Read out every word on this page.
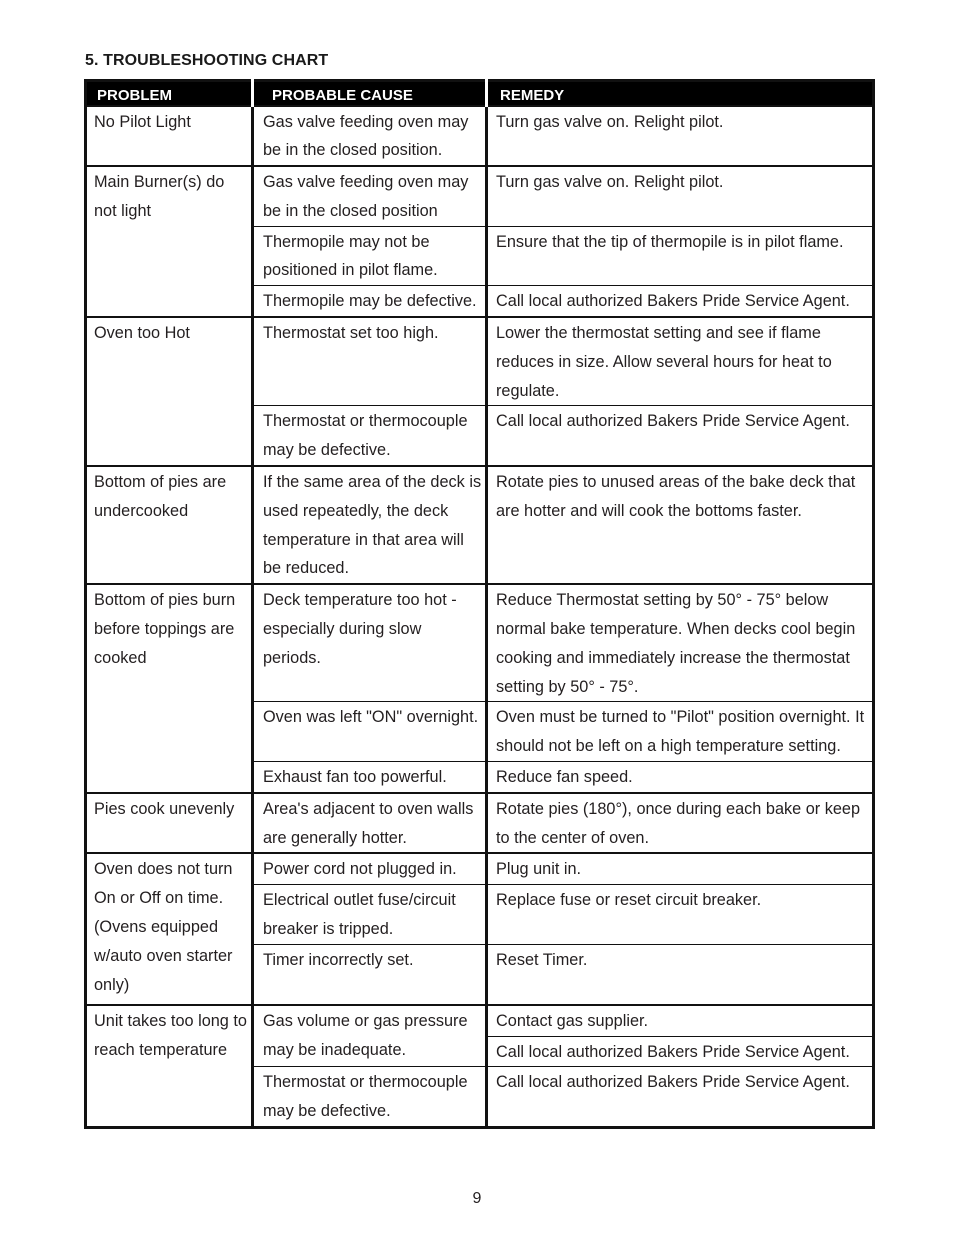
5. TROUBLESHOOTING CHART
PROBLEM	PROBABLE CAUSE	REMEDY
No Pilot Light	Gas valve feeding oven may be in the closed position.	Turn gas valve on. Relight pilot.
Main Burner(s) do not light	Gas valve feeding oven may be in the closed position	Turn gas valve on. Relight pilot.
	Thermopile may not be positioned in pilot flame.	Ensure that the tip of thermopile is in pilot flame.
	Thermopile may be defective.	Call local authorized Bakers Pride Service Agent.
Oven too Hot	Thermostat set too high.	Lower the thermostat setting and see if flame reduces in size. Allow several hours for heat to regulate.
	Thermostat or thermocouple may be defective.	Call local authorized Bakers Pride Service Agent.
Bottom of pies are undercooked	If the same area of the deck is used repeatedly, the deck temperature in that area will be reduced.	Rotate pies to unused areas of the bake deck that are hotter and will cook the bottoms faster.
Bottom of pies burn before toppings are cooked	Deck temperature too hot - especially during slow periods.	Reduce Thermostat setting by 50° - 75° below normal bake temperature. When decks cool begin cooking and immediately increase the thermostat setting by 50° - 75°.
	Oven was left "ON" overnight.	Oven must be turned to "Pilot" position overnight. It should not be left on a high temperature setting.
	Exhaust fan too powerful.	Reduce fan speed.
Pies cook unevenly	Area's adjacent to oven walls are generally hotter.	Rotate pies (180°), once during each bake or keep to the center of oven.
Oven does not turn On or Off on time. (Ovens equipped w/auto oven starter only)	Power cord not plugged in.	Plug unit in.
	Electrical outlet fuse/circuit breaker is tripped.	Replace fuse or reset circuit breaker.
	Timer incorrectly set.	Reset Timer.
Unit takes too long to reach temperature	Gas volume or gas pressure may be inadequate.	Contact gas supplier.
		Call local authorized Bakers Pride Service Agent.
	Thermostat or thermocouple may be defective.	Call local authorized Bakers Pride Service Agent.
9
